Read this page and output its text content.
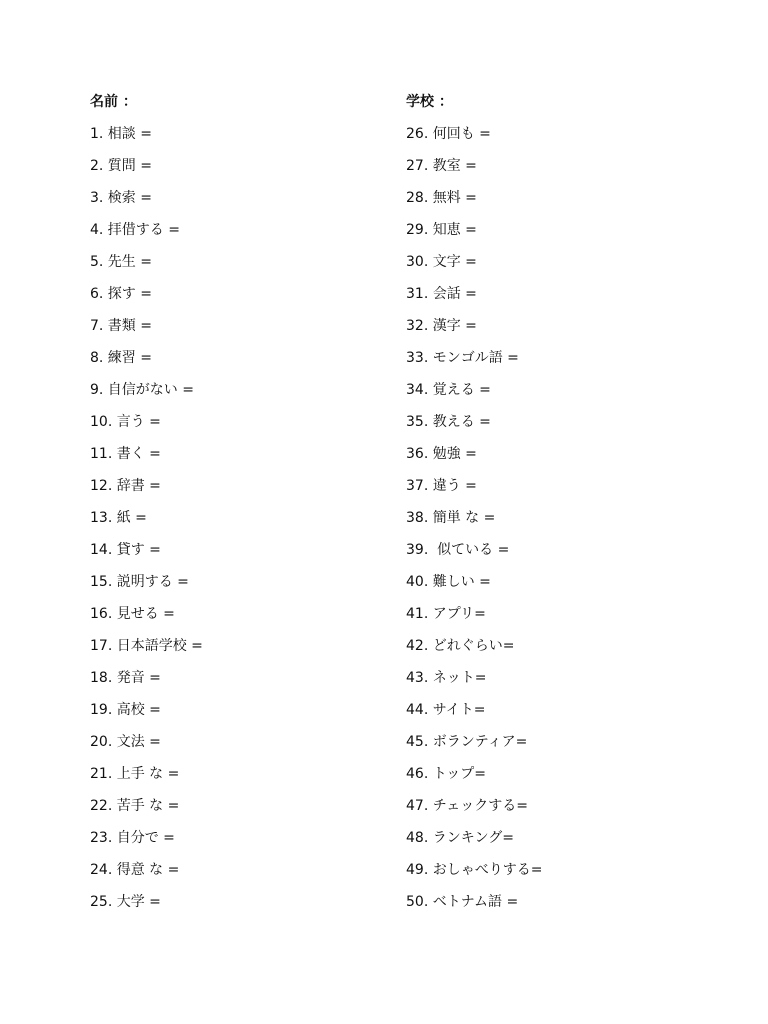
名前 ：
1. 相談 =
2. 質問 =
3. 検索 =
4. 拝借する =
5. 先生 =
6. 探す =
7. 書類 =
8. 練習 =
9. 自信がない =
10. 言う =
11. 書く =
12. 辞書 =
13. 紙 =
14. 貸す =
15. 説明する =
16. 見せる =
17. 日本語学校 =
18. 発音 =
19. 高校 =
20. 文法 =
21. 上手 な =
22. 苦手 な =
23. 自分で =
24. 得意 な =
25. 大学 =
学校 ：
26. 何回も =
27. 教室 =
28. 無料 =
29. 知恵 =
30. 文字 =
31. 会話 =
32. 漢字 =
33. モンゴル語 =
34. 覚える =
35. 教える =
36. 勉強 =
37. 違う =
38. 簡単 な =
39.  似ている =
40. 難しい =
41. アプリ=
42. どれぐらい=
43. ネット=
44. サイト=
45. ボランティア=
46. トップ=
47. チェックする=
48. ランキング=
49. おしゃべりする=
50. ベトナム語 =
